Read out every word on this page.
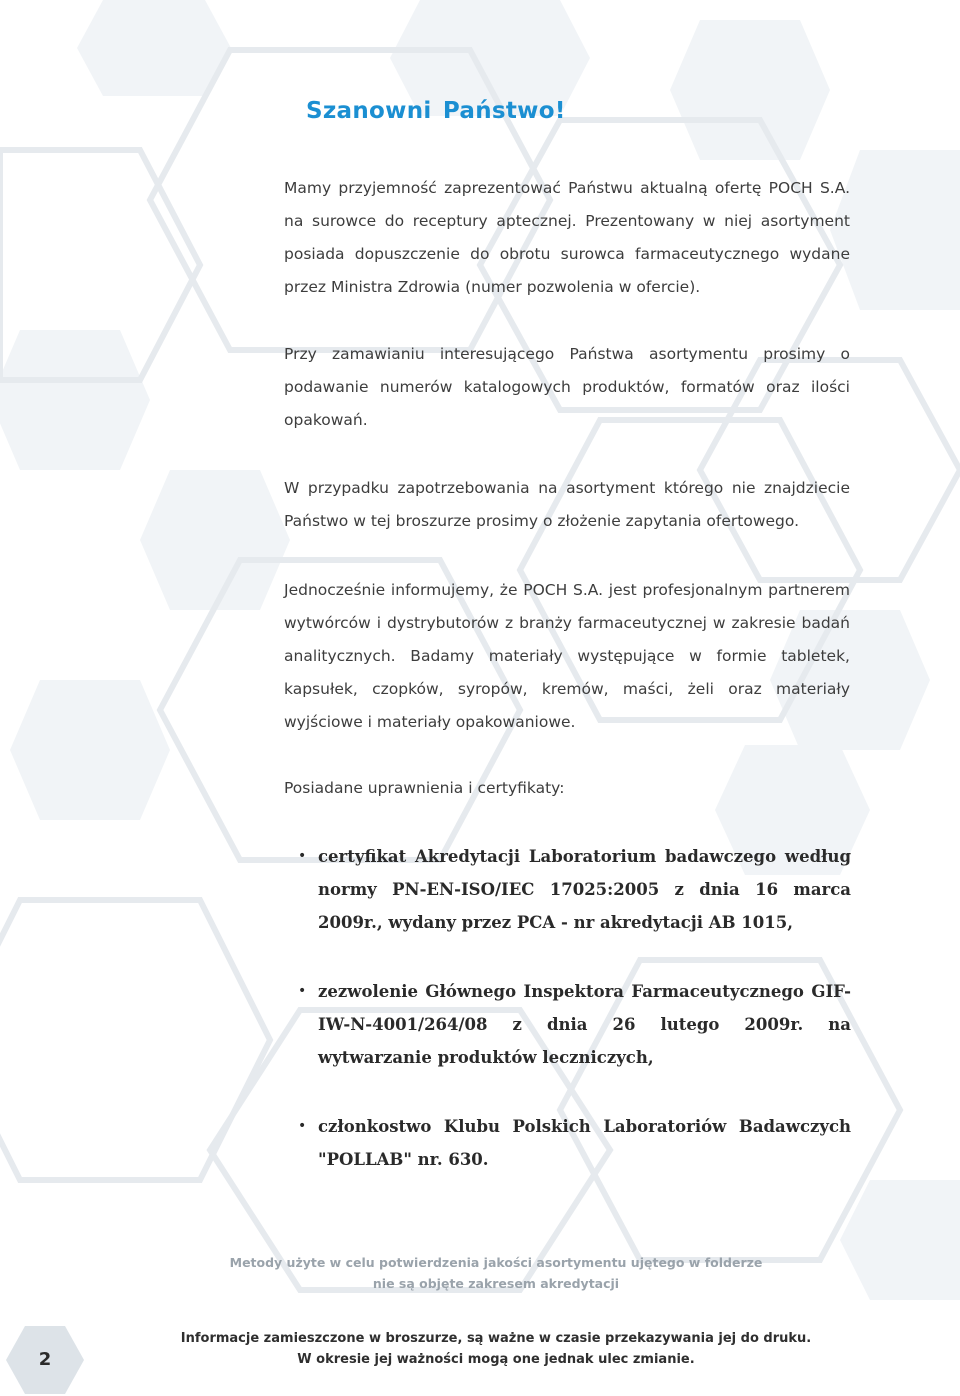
Szanowni Państwo!

Mamy przyjemność zaprezentować Państwu aktualną ofertę POCH S.A. na surowce do receptury aptecznej. Prezentowany w niej asortyment posiada dopuszczenie do obrotu surowca farmaceutycznego wydane przez Ministra Zdrowia (numer pozwolenia w ofercie).

Przy zamawianiu interesującego Państwa asortymentu prosimy o podawanie numerów katalogowych produktów, formatów oraz ilości opakowań.

W przypadku zapotrzebowania na asortyment którego nie znajdziecie Państwo w tej broszurze prosimy o złożenie zapytania ofertowego.

Jednocześnie informujemy, że POCH S.A. jest profesjonalnym partnerem wytwórców i dystrybutorów z branży farmaceutycznej w zakresie badań analitycznych. Badamy materiały występujące w formie tabletek, kapsułek, czopków, syropów, kremów, maści, żeli oraz materiały wyjściowe i materiały opakowaniowe.

Posiadane uprawnienia i certyfikaty:

• certyfikat Akredytacji Laboratorium badawczego według normy PN-EN-ISO/IEC 17025:2005 z dnia 16 marca 2009r., wydany przez PCA - nr akredytacji AB 1015,
• zezwolenie Głównego Inspektora Farmaceutycznego GIF-IW-N-4001/264/08 z dnia 26 lutego 2009r. na wytwarzanie produktów leczniczych,
• członkostwo Klubu Polskich Laboratoriów Badawczych "POLLAB" nr. 630.
Metody użyte w celu potwierdzenia jakości asortymentu ujętego w folderze
nie są objęte zakresem akredytacji
Informacje zamieszczone w broszurze, są ważne w czasie przekazywania jej do druku.
W okresie jej ważności mogą one jednak ulec zmianie.
2
